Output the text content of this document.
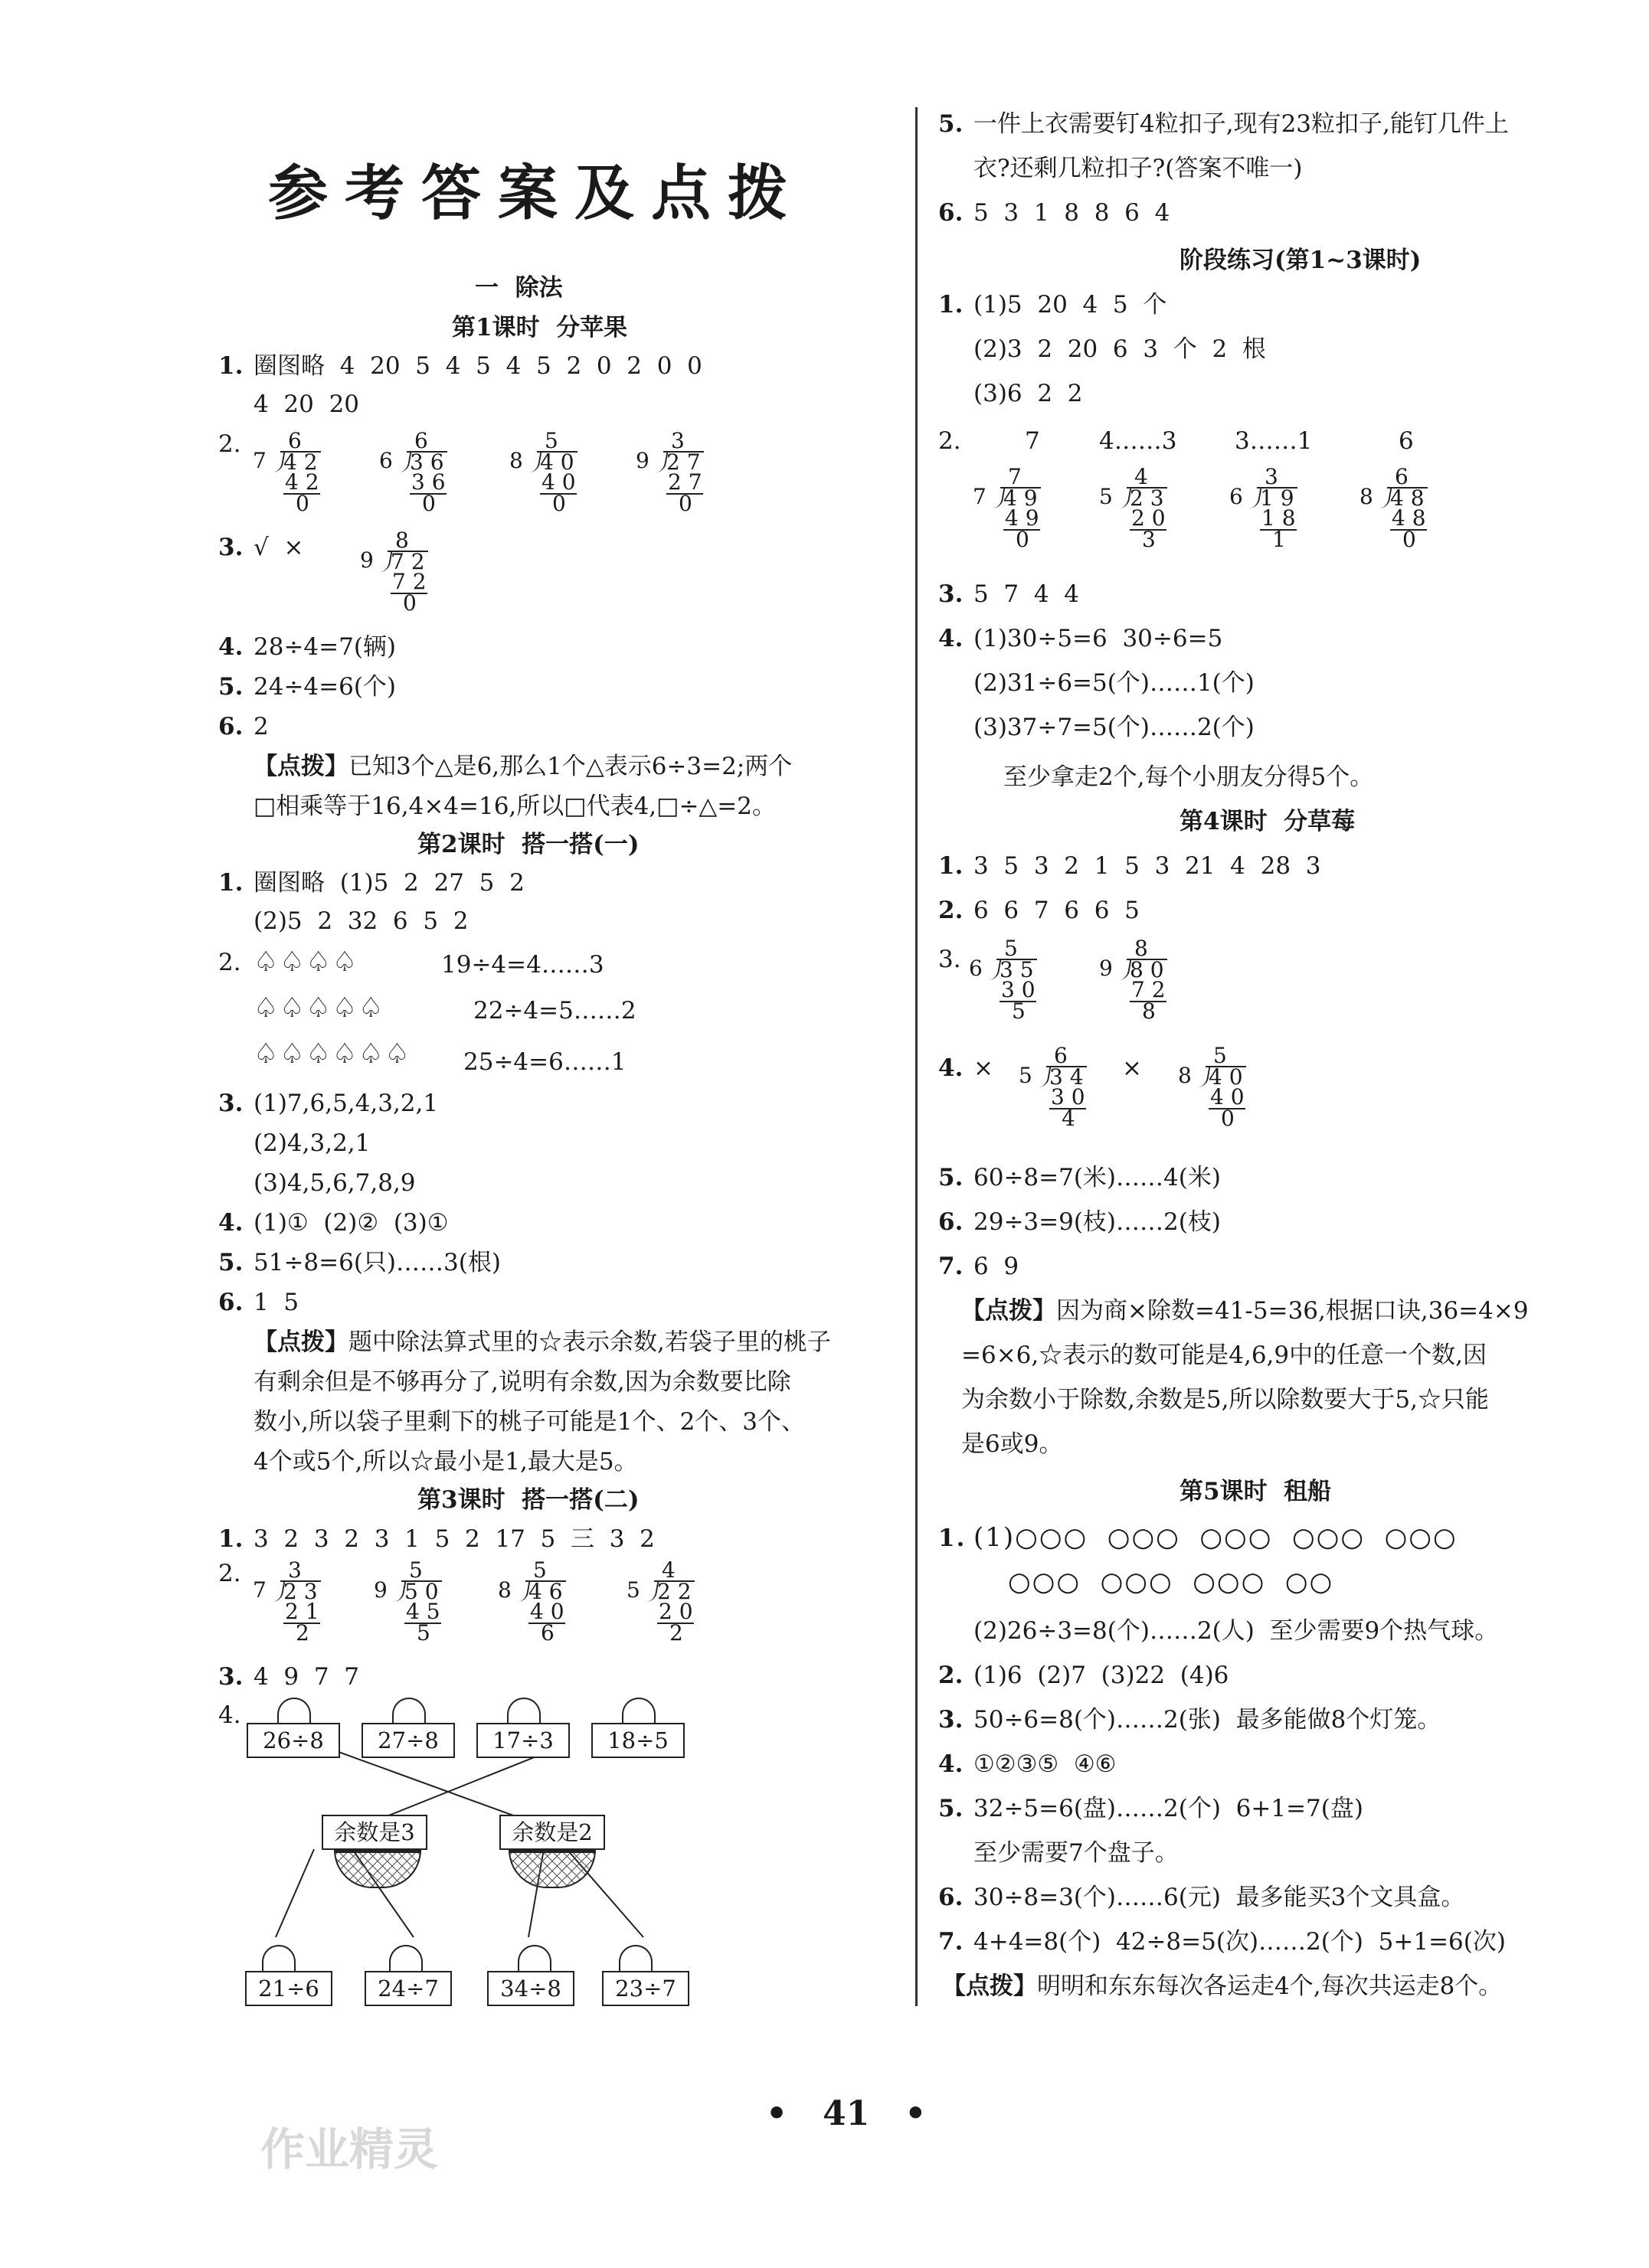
参考答案及点拨
一  除法
第1课时  分苹果
1. 圈图略  4  20  5  4  5  4  5  2  0  2  0  0
4  20  20
2. 6
7 4 2
4 2
0
6
6 3 6
3 6
0
5
8 4 0
4 0
0
3
9 2 7
2 7
0
3. √  ×	8
9 7 2
7 2
0
4. 28÷4=7(辆)
5. 24÷4=6(个)
6. 2
【点拨】已知3个△是6,那么1个△表示6÷3=2;两个
□相乘等于16,4×4=16,所以□代表4,□÷△=2。
第2课时  搭一搭(一)
1. 圈图略  (1)5  2  27  5  2
(2)5  2  32  6  5  2
2. ♤♤♤♤	19÷4=4……3
♤♤♤♤♤	22÷4=5……2
♤♤♤♤♤♤ 25÷4=6……1
3. (1)7,6,5,4,3,2,1
(2)4,3,2,1
(3)4,5,6,7,8,9
4. (1)①  (2)②  (3)①
5. 51÷8=6(只)……3(根)
6. 1  5
【点拨】题中除法算式里的☆表示余数,若袋子里的桃子
有剩余但是不够再分了,说明有余数,因为余数要比除
数小,所以袋子里剩下的桃子可能是1个、2个、3个、
4个或5个,所以☆最小是1,最大是5。
第3课时  搭一搭(二)
1. 3  2  3  2  3  1  5  2  17  5  三  3  2
2. 3
7 2 3
2 1
2
5
9 5 0
4 5
5
5
8 4 6
4 0
6
4
5 2 2
2 0
2
3. 4  9  7  7
4.
26÷8	27÷8	17÷3	18÷5
余数是3	余数是2
21÷6	24÷7	34÷8	23÷7
5. 一件上衣需要钉4粒扣子,现有23粒扣子,能钉几件上
衣?还剩几粒扣子?(答案不唯一)
6. 5  3  1  8  8  6  4
阶段练习(第1~3课时)
1. (1)5  20  4  5  个
(2)3  2  20  6  3  个  2  根
(3)6  2  2
2.	7 4……3 3……1	6
7
7 4 9
4 9
0
4
5 2 3
2 0
3
3
6 1 9
1 8
1
6
8 4 8
4 8
0
3. 5  7  4  4
4. (1)30÷5=6  30÷6=5
(2)31÷6=5(个)……1(个)
(3)37÷7=5(个)……2(个)
至少拿走2个,每个小朋友分得5个。
第4课时  分草莓
1. 3  5  3  2  1  5  3  21  4  28  3
2. 6  6  7  6  6  5
3. 5
6 3 5
3 0
5
8
9 8 0
7 2
8
4. ×	6
5 3 4
3 0
4
×	5
8 4 0
4 0
0
5. 60÷8=7(米)……4(米)
6. 29÷3=9(枝)……2(枝)
7. 6  9
【点拨】因为商×除数=41-5=36,根据口诀,36=4×9
=6×6,☆表示的数可能是4,6,9中的任意一个数,因
为余数小于除数,余数是5,所以除数要大于5,☆只能
是6或9。
第5课时  租船
1. (1)○○○  ○○○  ○○○  ○○○  ○○○
○○○  ○○○  ○○○  ○○
(2)26÷3=8(个)……2(人)  至少需要9个热气球。
2. (1)6  (2)7  (3)22  (4)6
3. 50÷6=8(个)……2(张)  最多能做8个灯笼。
4. ①②③⑤  ④⑥
5. 32÷5=6(盘)……2(个)  6+1=7(盘)
至少需要7个盘子。
6. 30÷8=3(个)……6(元)  最多能买3个文具盒。
7. 4+4=8(个)  42÷8=5(次)……2(个)  5+1=6(次)
【点拨】明明和东东每次各运走4个,每次共运走8个。
•   41   •
作业精灵
